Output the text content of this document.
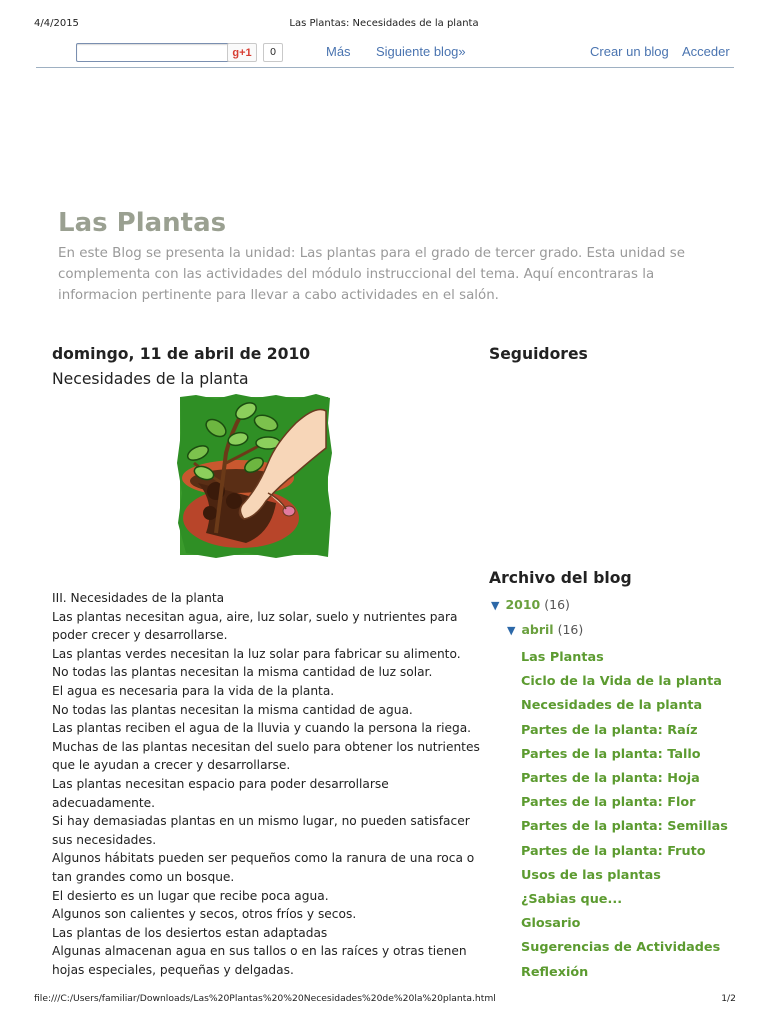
4/4/2015	Las Plantas: Necesidades de la planta
g+1	0	Más Siguiente blog»	Crear un blog Acceder
Las Plantas
En este Blog se presenta la unidad: Las plantas para el grado de tercer grado. Esta unidad se complementa con las actividades del módulo instruccional del tema. Aquí encontraras la informacion pertinente para llevar a cabo actividades en el salón.
domingo, 11 de abril de 2010
Necesidades de la planta
III. Necesidades de la planta
Las plantas necesitan agua, aire, luz solar, suelo y nutrientes para
poder crecer y desarrollarse.
Las plantas verdes necesitan la luz solar para fabricar su alimento.
No todas las plantas necesitan la misma cantidad de luz solar.
El agua es necesaria para la vida de la planta.
No todas las plantas necesitan la misma cantidad de agua.
Las plantas reciben el agua de la lluvia y cuando la persona la riega.
Muchas de las plantas necesitan del suelo para obtener los nutrientes
que le ayudan a crecer y desarrollarse.
Las plantas necesitan espacio para poder desarrollarse
adecuadamente.
Si hay demasiadas plantas en un mismo lugar, no pueden satisfacer
sus necesidades.
Algunos hábitats pueden ser pequeños como la ranura de una roca o
tan grandes como un bosque.
El desierto es un lugar que recibe poca agua.
Algunos son calientes y secos, otros fríos y secos.
Las plantas de los desiertos estan adaptadas
Algunas almacenan agua en sus tallos o en las raíces y otras tienen
hojas especiales, pequeñas y delgadas.
Seguidores
Archivo del blog
▼ 2010 (16)
▼ abril (16)
Las Plantas
Ciclo de la Vida de la planta
Necesidades de la planta
Partes de la planta: Raíz
Partes de la planta: Tallo
Partes de la planta: Hoja
Partes de la planta: Flor
Partes de la planta: Semillas
Partes de la planta: Fruto
Usos de las plantas
¿Sabias que...
Glosario
Sugerencias de Actividades
Reflexión
file:///C:/Users/familiar/Downloads/Las%20Plantas%20%20Necesidades%20de%20la%20planta.html	1/2
